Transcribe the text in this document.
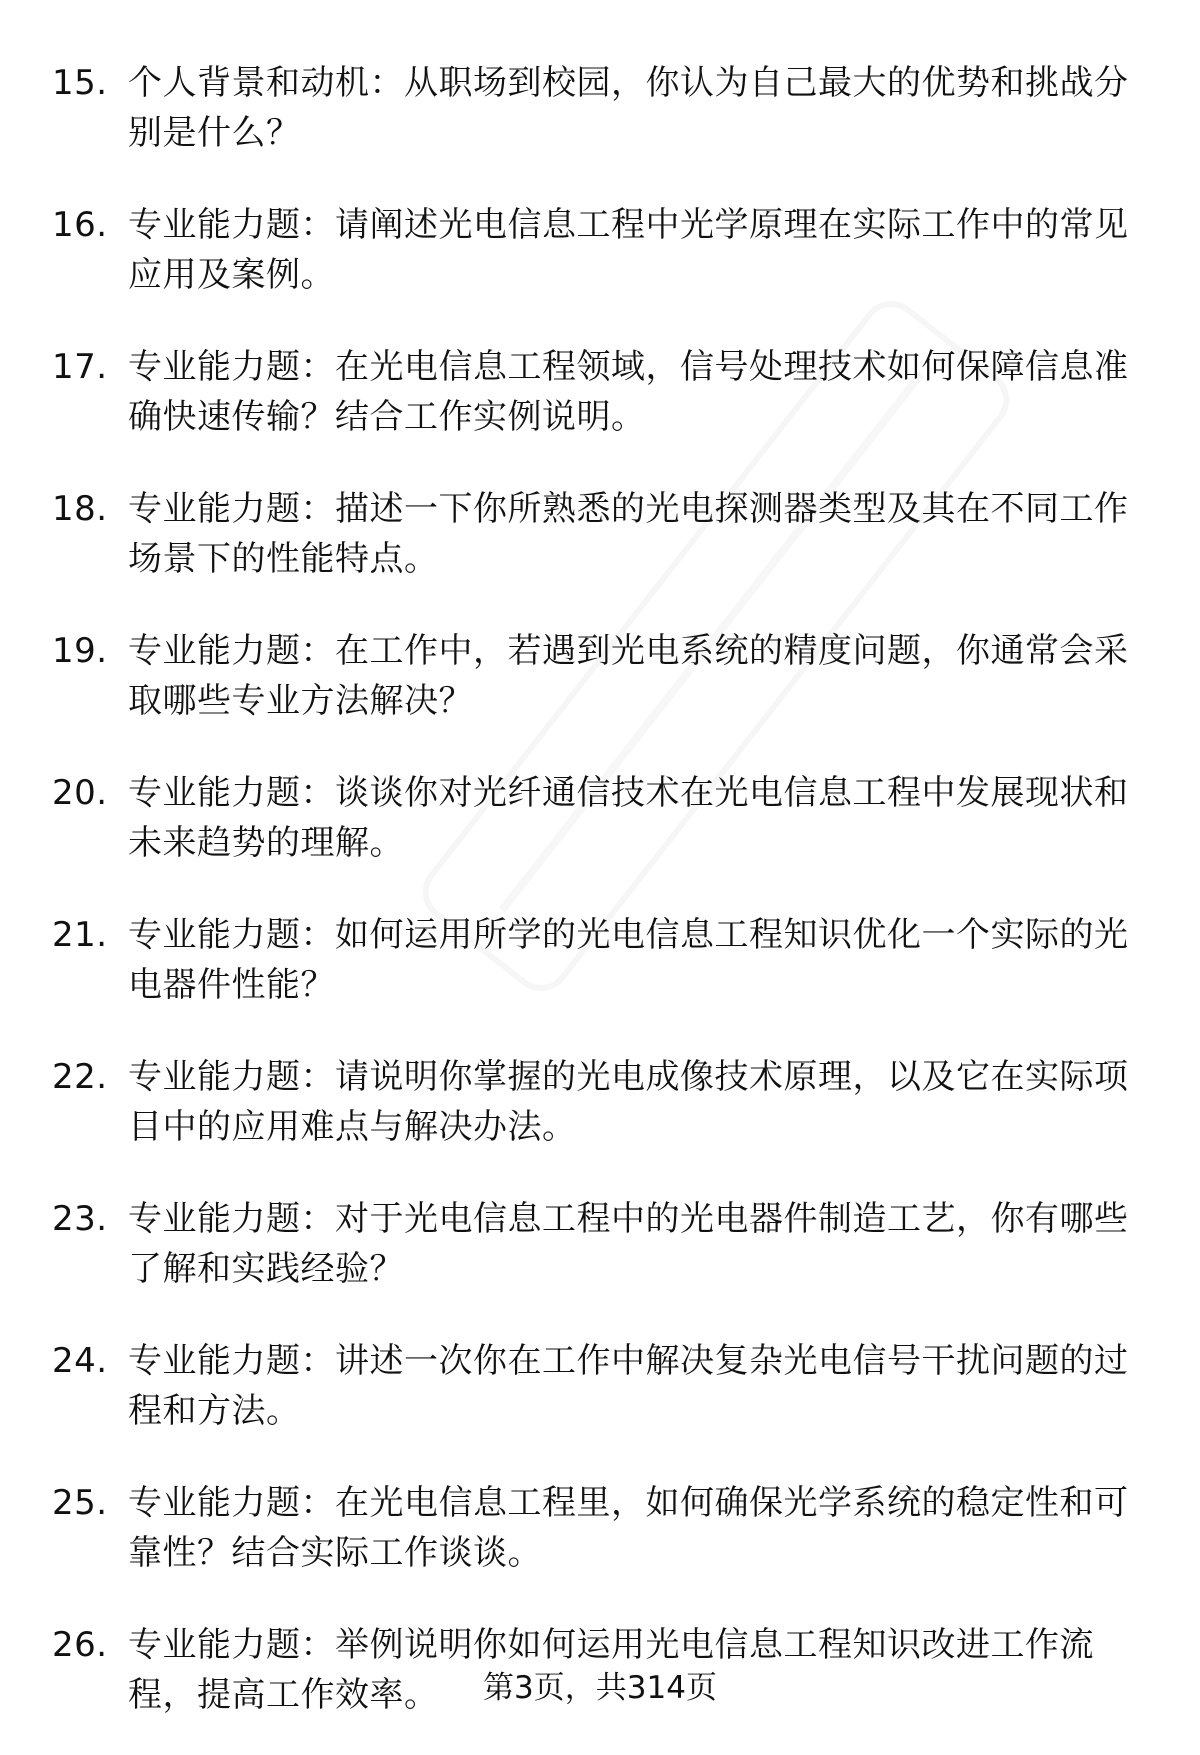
15. 个人背景和动机：从职场到校园，你认为自己最大的优势和挑战分别是什么？
16. 专业能力题：请阐述光电信息工程中光学原理在实际工作中的常见应用及案例。
17. 专业能力题：在光电信息工程领域，信号处理技术如何保障信息准确快速传输？结合工作实例说明。
18. 专业能力题：描述一下你所熟悉的光电探测器类型及其在不同工作场景下的性能特点。
19. 专业能力题：在工作中，若遇到光电系统的精度问题，你通常会采取哪些专业方法解决？
20. 专业能力题：谈谈你对光纤通信技术在光电信息工程中发展现状和未来趋势的理解。
21. 专业能力题：如何运用所学的光电信息工程知识优化一个实际的光电器件性能？
22. 专业能力题：请说明你掌握的光电成像技术原理，以及它在实际项目中的应用难点与解决办法。
23. 专业能力题：对于光电信息工程中的光电器件制造工艺，你有哪些了解和实践经验？
24. 专业能力题：讲述一次你在工作中解决复杂光电信号干扰问题的过程和方法。
25. 专业能力题：在光电信息工程里，如何确保光学系统的稳定性和可靠性？结合实际工作谈谈。
26. 专业能力题：举例说明你如何运用光电信息工程知识改进工作流程，提高工作效率。	第3页，共314页
